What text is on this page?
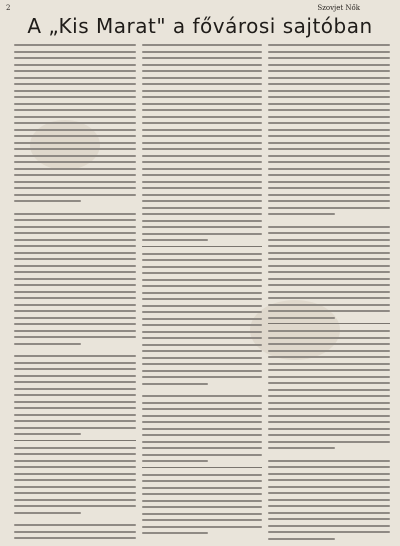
2	Szovjet Nők
A „Kis Marat" a fővárosi sajtóban
